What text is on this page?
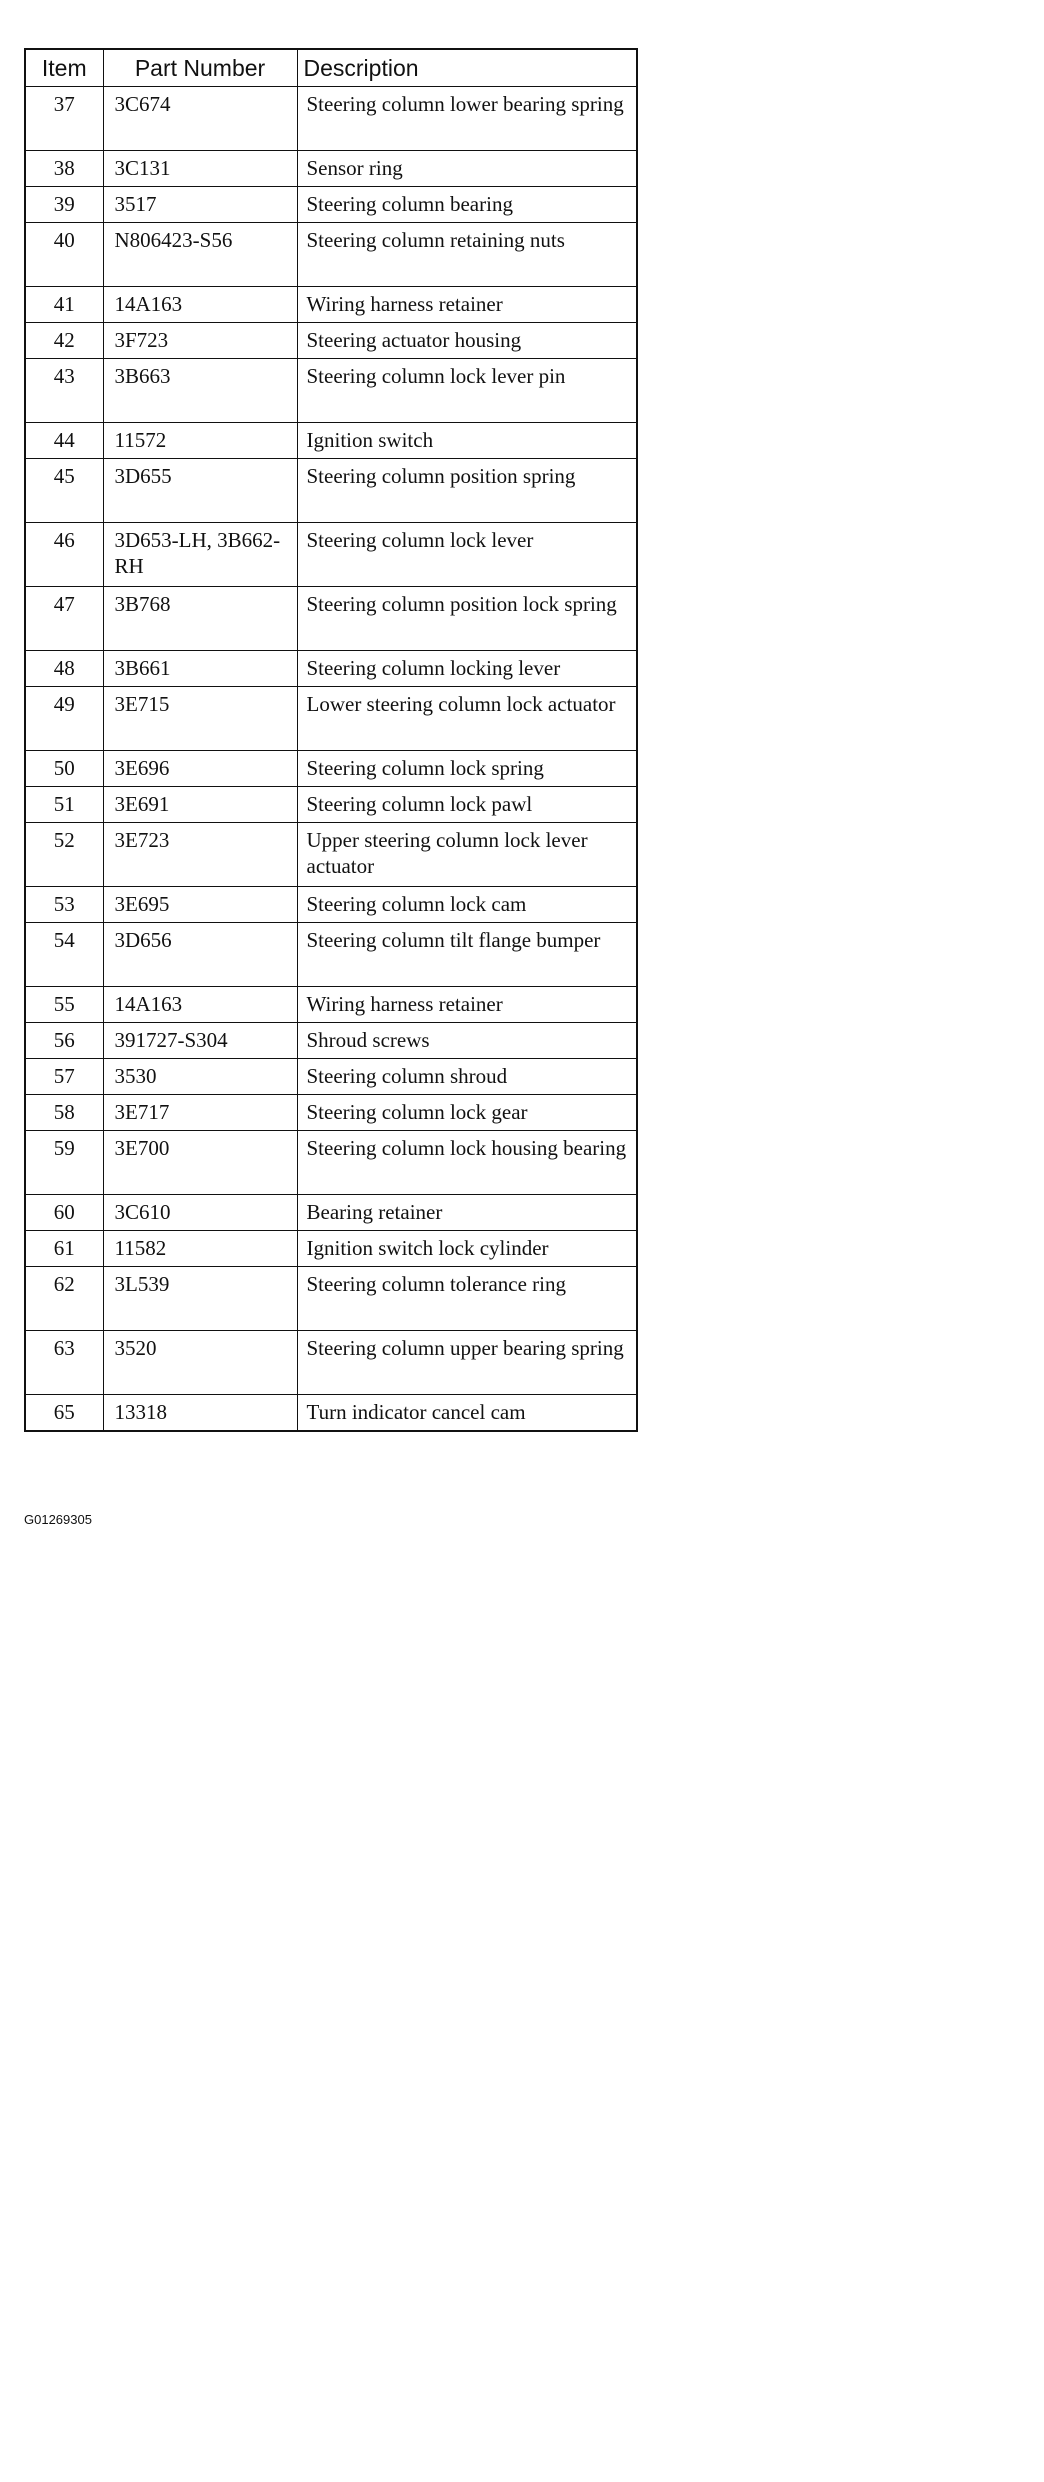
Item	Part Number	Description
37	3C674	Steering column lower bearing spring
38	3C131	Sensor ring
39	3517	Steering column bearing
40	N806423-S56	Steering column retaining nuts
41	14A163	Wiring harness retainer
42	3F723	Steering actuator housing
43	3B663	Steering column lock lever pin
44	11572	Ignition switch
45	3D655	Steering column position spring
46	3D653-LH, 3B662-RH	Steering column lock lever
47	3B768	Steering column position lock spring
48	3B661	Steering column locking lever
49	3E715	Lower steering column lock actuator
50	3E696	Steering column lock spring
51	3E691	Steering column lock pawl
52	3E723	Upper steering column lock lever actuator
53	3E695	Steering column lock cam
54	3D656	Steering column tilt flange bumper
55	14A163	Wiring harness retainer
56	391727-S304	Shroud screws
57	3530	Steering column shroud
58	3E717	Steering column lock gear
59	3E700	Steering column lock housing bearing
60	3C610	Bearing retainer
61	11582	Ignition switch lock cylinder
62	3L539	Steering column tolerance ring
63	3520	Steering column upper bearing spring
65	13318	Turn indicator cancel cam
G01269305
